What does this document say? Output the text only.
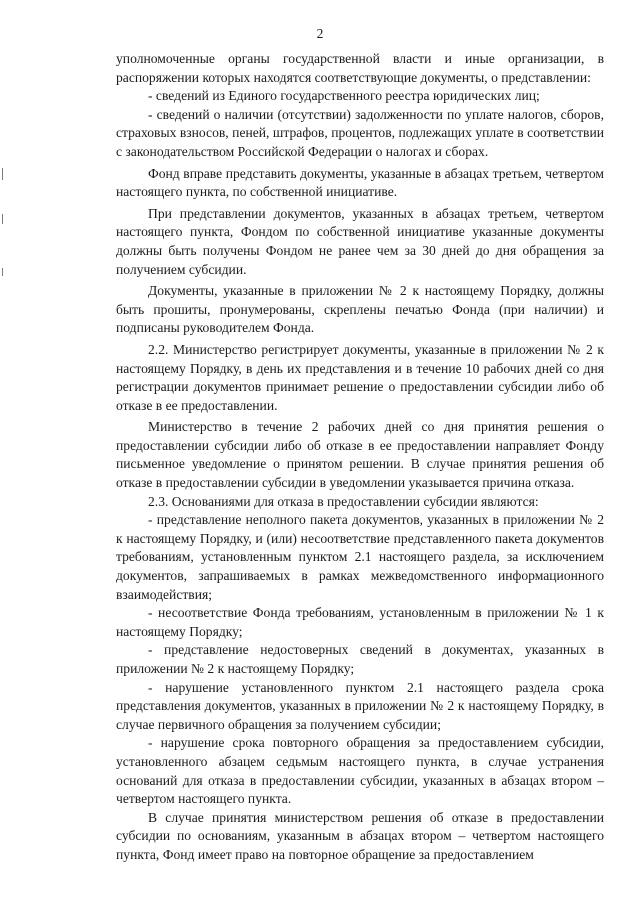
2

уполномоченные органы государственной власти и иные организации, в распоряжении которых находятся соответствующие документы, о представлении:

- сведений из Единого государственного реестра юридических лиц;

- сведений о наличии (отсутствии) задолженности по уплате налогов, сборов, страховых взносов, пеней, штрафов, процентов, подлежащих уплате в соответствии с законодательством Российской Федерации о налогах и сборах.

Фонд вправе представить документы, указанные в абзацах третьем, четвертом настоящего пункта, по собственной инициативе.

При представлении документов, указанных в абзацах третьем, четвертом настоящего пункта, Фондом по собственной инициативе указанные документы должны быть получены Фондом не ранее чем за 30 дней до дня обращения за получением субсидии.

Документы, указанные в приложении № 2 к настоящему Порядку, должны быть прошиты, пронумерованы, скреплены печатью Фонда (при наличии) и подписаны руководителем Фонда.

2.2. Министерство регистрирует документы, указанные в приложении № 2 к настоящему Порядку, в день их представления и в течение 10 рабочих дней со дня регистрации документов принимает решение о предоставлении субсидии либо об отказе в ее предоставлении.

Министерство в течение 2 рабочих дней со дня принятия решения о предоставлении субсидии либо об отказе в ее предоставлении направляет Фонду письменное уведомление о принятом решении. В случае принятия решения об отказе в предоставлении субсидии в уведомлении указывается причина отказа.

2.3. Основаниями для отказа в предоставлении субсидии являются:

- представление неполного пакета документов, указанных в приложении № 2 к настоящему Порядку, и (или) несоответствие представленного пакета документов требованиям, установленным пунктом 2.1 настоящего раздела, за исключением документов, запрашиваемых в рамках межведомственного информационного взаимодействия;

- несоответствие Фонда требованиям, установленным в приложении № 1 к настоящему Порядку;

- представление недостоверных сведений в документах, указанных в приложении № 2 к настоящему Порядку;

- нарушение установленного пунктом 2.1 настоящего раздела срока представления документов, указанных в приложении № 2 к настоящему Порядку, в случае первичного обращения за получением субсидии;

- нарушение срока повторного обращения за предоставлением субсидии, установленного абзацем седьмым настоящего пункта, в случае устранения оснований для отказа в предоставлении субсидии, указанных в абзацах втором – четвертом настоящего пункта.

В случае принятия министерством решения об отказе в предоставлении субсидии по основаниям, указанным в абзацах втором – четвертом настоящего пункта, Фонд имеет право на повторное обращение за предоставлением
